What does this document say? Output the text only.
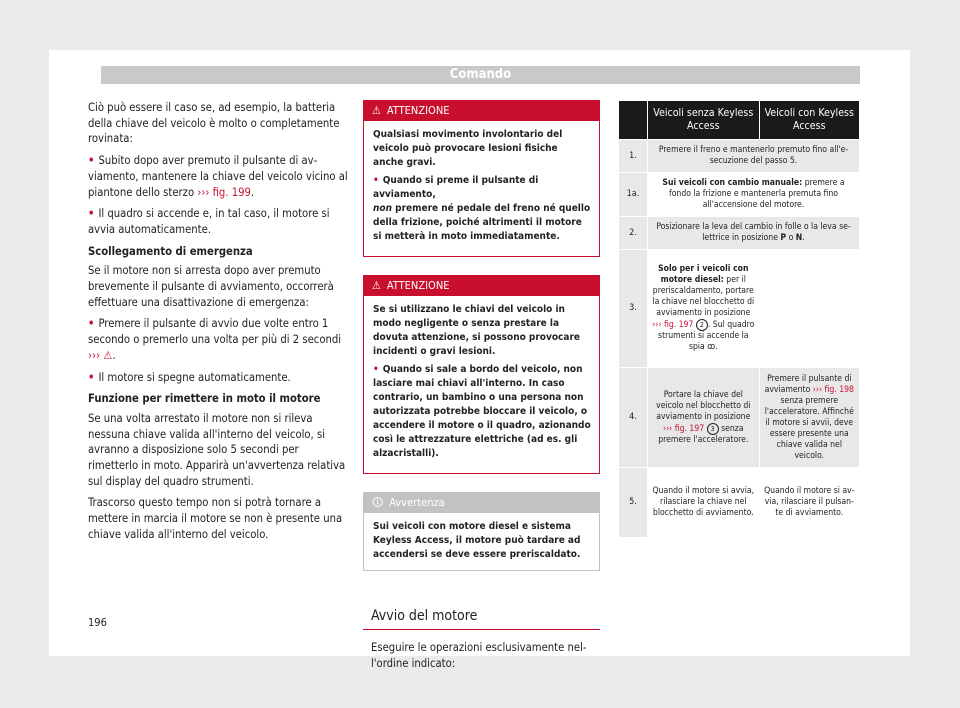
Comando

Ciò può essere il caso se, ad esempio, la batteria della chiave del veicolo è molto o completamente rovinata:

• Subito dopo aver premuto il pulsante di avviamento, mantenere la chiave del veicolo vicino al piantone dello sterzo ››› fig. 199.

• Il quadro si accende e, in tal caso, il motore si avvia automaticamente.

Scollegamento di emergenza

Se il motore non si arresta dopo aver premuto brevemente il pulsante di avviamento, occorrerà effettuare una disattivazione di emergenza:

• Premere il pulsante di avvio due volte entro 1 secondo o premerlo una volta per più di 2 secondi ››› ⚠.

• Il motore si spegne automaticamente.

Funzione per rimettere in moto il motore

Se una volta arrestato il motore non si rileva nessuna chiave valida all'interno del veicolo, si avranno a disposizione solo 5 secondi per rimetterlo in moto. Apparirà un'avvertenza relativa sul display del quadro strumenti.

Trascorso questo tempo non si potrà tornare a mettere in marcia il motore se non è presente una chiave valida all'interno del veicolo.

196
⚠ ATTENZIONE

Qualsiasi movimento involontario del veicolo può provocare lesioni fisiche anche gravi.

• Quando si preme il pulsante di avviamento,
non premere né pedale del freno né quello della frizione, poiché altrimenti il motore si metterà in moto immediatamente.

⚠ ATTENZIONE

Se si utilizzano le chiavi del veicolo in modo negligente o senza prestare la dovuta attenzione, si possono provocare incidenti o gravi lesioni.

• Quando si sale a bordo del veicolo, non lasciare mai chiavi all'interno. In caso contrario, un bambino o una persona non autorizzata potrebbe bloccare il veicolo, o accendere il motore o il quadro, azionando così le attrezzature elettriche (ad es. gli alzacristalli).

🛈 Avvertenza
Sui veicoli con motore diesel e sistema Keyless Access, il motore può tardare ad accendersi se deve essere preriscaldato.
Avvio del motore
Eseguire le operazioni esclusivamente nell'ordine indicato:
	Veicoli senza Keyless Access	Veicoli con Keyless Access
1.	Premere il freno e mantenerlo premuto fino all'esecuzione del passo 5.	
1a.	Sui veicoli con cambio manuale: premere a fondo la frizione e mantenerla premuta fino all'accensione del motore.	
2.	Posizionare la leva del cambio in folle o la leva selettrice in posizione P o N.	
3.	Solo per i veicoli con motore diesel: per il preriscaldamento, portare la chiave nel blocchetto di avviamento in posizione
››› fig. 197 2 . Sul quadro strumenti si accende la spia ꝏ.	
4.	Portare la chiave del veicolo nel blocchetto di avviamento in posizione ››› fig. 197 3 senza premere l'acceleratore.	Premere il pulsante di avviamento ››› fig. 198 senza premere l'acceleratore. Affinché il motore si avvii, deve essere presente una chiave valida nel veicolo.
5.	Quando il motore si avvia, rilasciare la chiave nel blocchetto di avviamento.	Quando il motore si avvia, rilasciare il pulsante di avviamento.
